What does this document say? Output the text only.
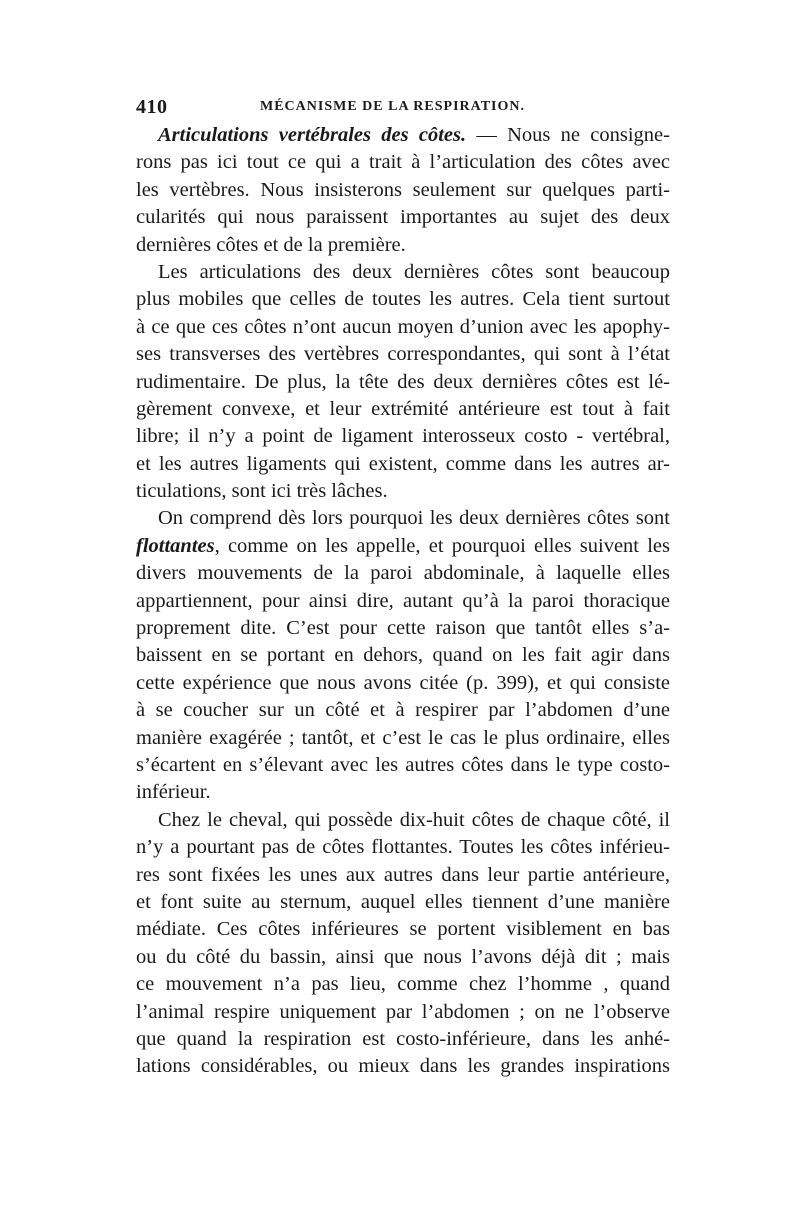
410	MÉCANISME DE LA RESPIRATION.
Articulations vertébrales des côtes. — Nous ne consigne-
rons pas ici tout ce qui a trait à l’articulation des côtes avec
les vertèbres. Nous insisterons seulement sur quelques parti-
cularités qui nous paraissent importantes au sujet des deux
dernières côtes et de la première.
Les articulations des deux dernières côtes sont beaucoup
plus mobiles que celles de toutes les autres. Cela tient surtout
à ce que ces côtes n’ont aucun moyen d’union avec les apophy-
ses transverses des vertèbres correspondantes, qui sont à l’état
rudimentaire. De plus, la tête des deux dernières côtes est lé-
gèrement convexe, et leur extrémité antérieure est tout à fait
libre; il n’y a point de ligament interosseux costo - vertébral,
et les autres ligaments qui existent, comme dans les autres ar-
ticulations, sont ici très lâches.
On comprend dès lors pourquoi les deux dernières côtes sont
flottantes, comme on les appelle, et pourquoi elles suivent les
divers mouvements de la paroi abdominale, à laquelle elles
appartiennent, pour ainsi dire, autant qu’à la paroi thoracique
proprement dite. C’est pour cette raison que tantôt elles s’a-
baissent en se portant en dehors, quand on les fait agir dans
cette expérience que nous avons citée (p. 399), et qui consiste
à se coucher sur un côté et à respirer par l’abdomen d’une
manière exagérée ; tantôt, et c’est le cas le plus ordinaire, elles
s’écartent en s’élevant avec les autres côtes dans le type costo-
inférieur.
Chez le cheval, qui possède dix-huit côtes de chaque côté, il
n’y a pourtant pas de côtes flottantes. Toutes les côtes inférieu-
res sont fixées les unes aux autres dans leur partie antérieure,
et font suite au sternum, auquel elles tiennent d’une manière
médiate. Ces côtes inférieures se portent visiblement en bas
ou du côté du bassin, ainsi que nous l’avons déjà dit ; mais
ce mouvement n’a pas lieu, comme chez l’homme , quand
l’animal respire uniquement par l’abdomen ; on ne l’observe
que quand la respiration est costo-inférieure, dans les anhé-
lations considérables, ou mieux dans les grandes inspirations
